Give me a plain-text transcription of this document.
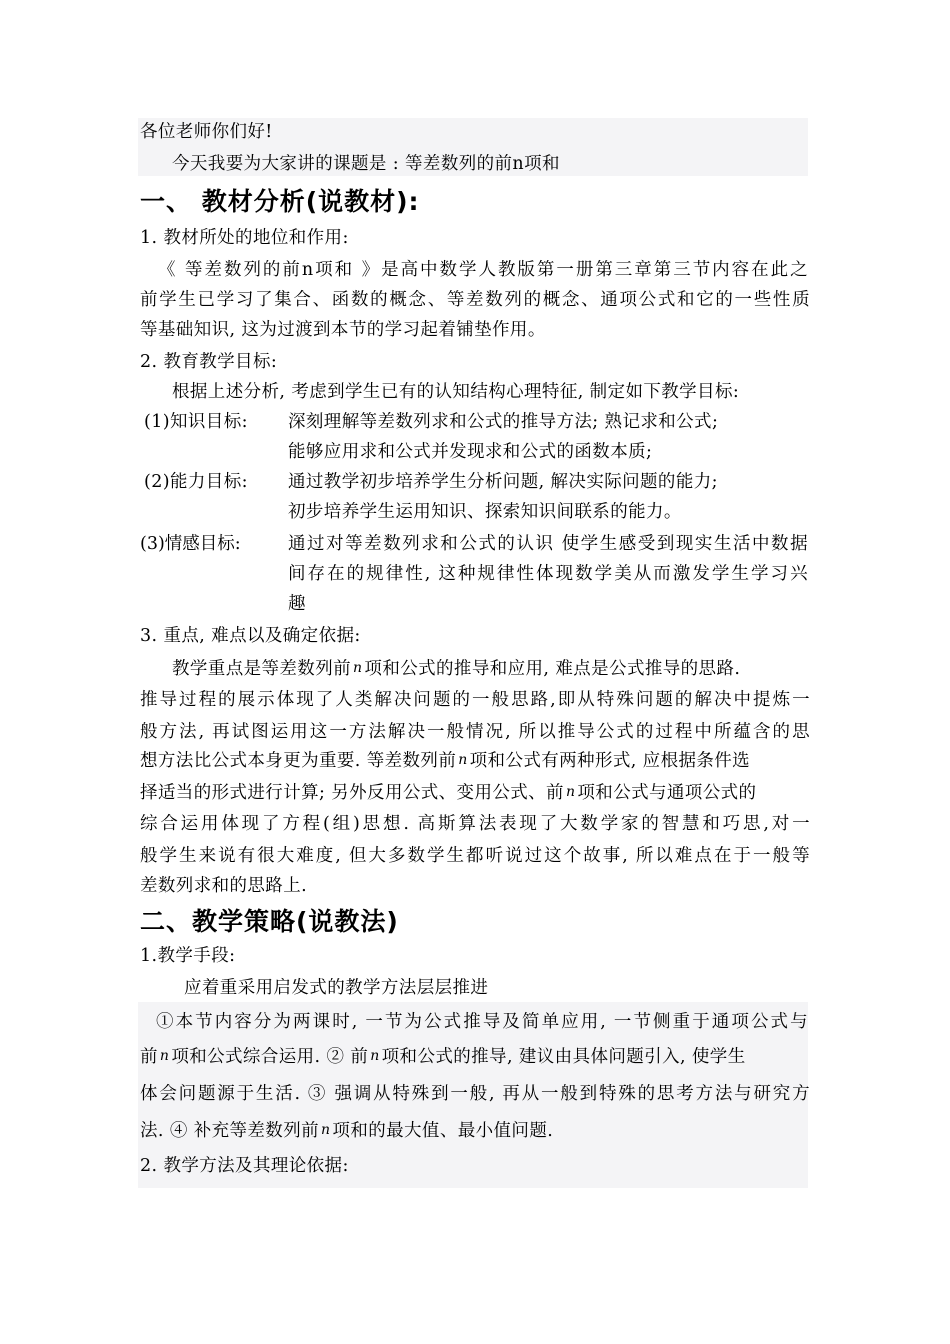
各位老师你们好!
今天我要为大家讲的课题是 : 等差数列的前n项和
一、 教材分析(说教材):
1. 教材所处的地位和作用:
《 等差数列的前n项和 》是高中数学人教版第一册第三章第三节内容在此之
前学生已学习了集合、函数的概念、等差数列的概念、通项公式和它的一些性质
等基础知识, 这为过渡到本节的学习起着铺垫作用。
2. 教育教学目标:
根据上述分析, 考虑到学生已有的认知结构心理特征, 制定如下教学目标:
(1)知识目标:	深刻理解等差数列求和公式的推导方法; 熟记求和公式;
能够应用求和公式并发现求和公式的函数本质;
(2)能力目标:	通过教学初步培养学生分析问题, 解决实际问题的能力;
初步培养学生运用知识、探索知识间联系的能力。
(3)情感目标:	通过对等差数列求和公式的认识 使学生感受到现实生活中数据
间存在的规律性, 这种规律性体现数学美从而激发学生学习兴
趣
3. 重点, 难点以及确定依据:
教学重点是等差数列前 n 项和公式的推导和应用, 难点是公式推导的思路.
推导过程的展示体现了人类解决问题的一般思路,即从特殊问题的解决中提炼一
般方法, 再试图运用这一方法解决一般情况, 所以推导公式的过程中所蕴含的思
想方法比公式本身更为重要. 等差数列前 n 项和公式有两种形式, 应根据条件选
择适当的形式进行计算; 另外反用公式、变用公式、前 n 项和公式与通项公式的
综合运用体现了方程(组)思想. 高斯算法表现了大数学家的智慧和巧思,对一
般学生来说有很大难度, 但大多数学生都听说过这个故事, 所以难点在于一般等
差数列求和的思路上.
二、教学策略(说教法)
1.教学手段:
应着重采用启发式的教学方法层层推进
①本节内容分为两课时, 一节为公式推导及简单应用, 一节侧重于通项公式与
前 n 项和公式综合运用. ② 前 n 项和公式的推导, 建议由具体问题引入, 使学生
体会问题源于生活. ③ 强调从特殊到一般, 再从一般到特殊的思考方法与研究方
法. ④ 补充等差数列前 n 项和的最大值、最小值问题.
2. 教学方法及其理论依据:
